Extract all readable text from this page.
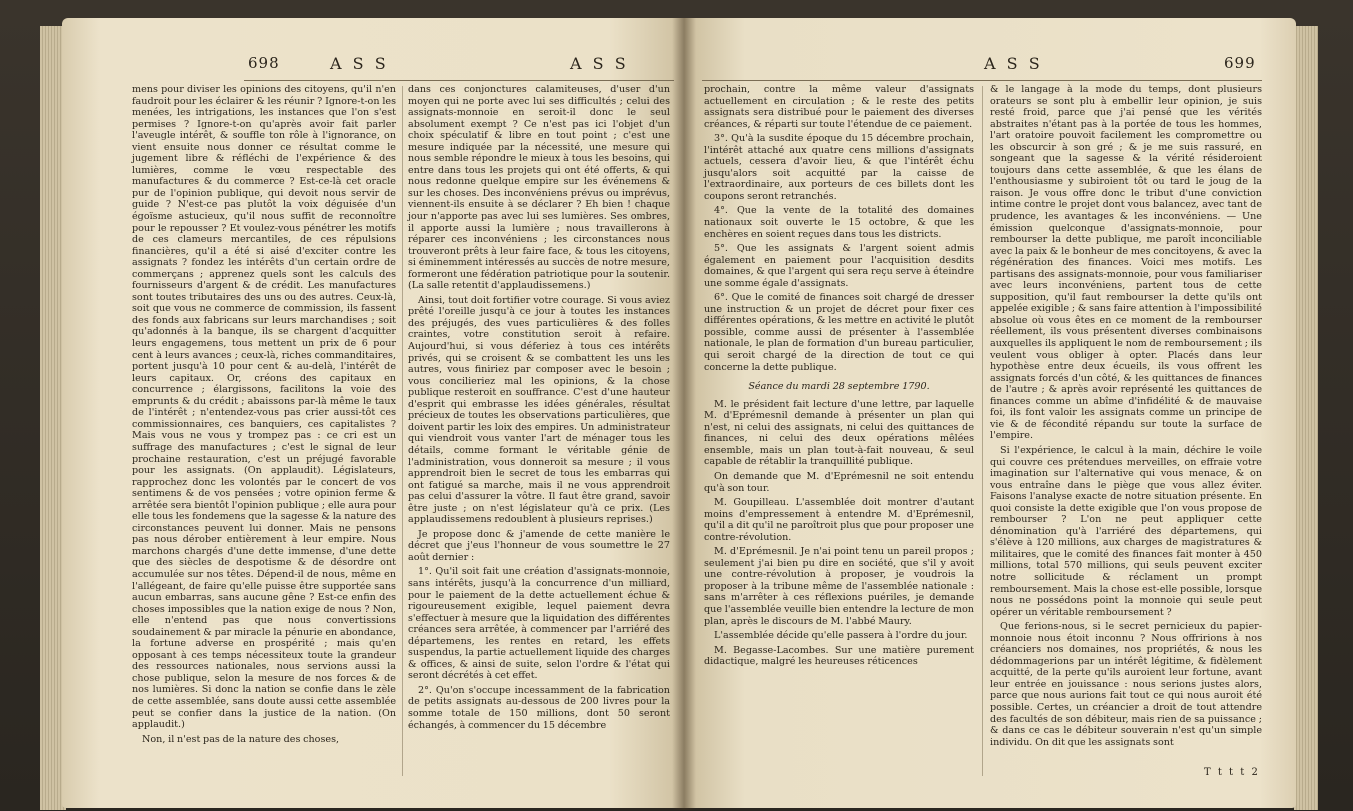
698	A S S	A S S

mens pour diviser les opinions des citoyens, qu'il n'en faudroit pour les éclairer & les réunir ? Ignore-t-on les menées, les intrigations, les instances que l'on s'est permises ? Ignore-t-on qu'après avoir fait parler l'aveugle intérêt, & souffle ton rôle à l'ignorance, on vient ensuite nous donner ce résultat comme le jugement libre & réfléchi de l'expérience & des lumières, comme le vœu respectable des manufactures & du commerce ? Est-ce-là cet oracle pur de l'opinion publique, qui devoit nous servir de guide ? N'est-ce pas plutôt la voix déguisée d'un égoïsme astucieux, qu'il nous suffit de reconnoître pour le repousser ? Et voulez-vous pénétrer les motifs de ces clameurs mercantiles, de ces répulsions financières, qu'il a été si aisé d'exciter contre les assignats ? fondez les intérêts d'un certain ordre de commerçans ; apprenez quels sont les calculs des fournisseurs d'argent & de crédit. Les manufactures sont toutes tributaires des uns ou des autres. Ceux-là, soit que vous ne commerce de commission, ils fassent des fonds aux fabricans sur leurs marchandises ; soit qu'adonnés à la banque, ils se chargent d'acquitter leurs engagemens, tous mettent un prix de 6 pour cent à leurs avances ; ceux-là, riches commanditaires, portent jusqu'à 10 pour cent & au-delà, l'intérêt de leurs capitaux. Or, créons des capitaux en concurrence ; élargissons, facilitons la voie des emprunts & du crédit ; abaissons par-là même le taux de l'intérêt ; n'entendez-vous pas crier aussi-tôt ces commissionnaires, ces banquiers, ces capitalistes ? Mais vous ne vous y trompez pas : ce cri est un suffrage des manufactures ; c'est le signal de leur prochaine restauration, c'est un préjugé favorable pour les assignats. (On applaudit). Législateurs, rapprochez donc les volontés par le concert de vos sentimens & de vos pensées ; votre opinion ferme & arrêtée sera bientôt l'opinion publique ; elle aura pour elle tous les fondemens que la sagesse & la nature des circonstances peuvent lui donner. Mais ne pensons pas nous dérober entièrement à leur empire. Nous marchons chargés d'une dette immense, d'une dette que des siècles de despotisme & de désordre ont accumulée sur nos têtes. Dépend-il de nous, même en l'allégeant, de faire qu'elle puisse être supportée sans aucun embarras, sans aucune gêne ? Est-ce enfin des choses impossibles que la nation exige de nous ? Non, elle n'entend pas que nous convertissions soudainement & par miracle la pénurie en abondance, la fortune adverse en prospérité ; mais qu'en opposant à ces temps nécessiteux toute la grandeur des ressources nationales, nous servions aussi la chose publique, selon la mesure de nos forces & de nos lumières. Si donc la nation se confie dans le zèle de cette assemblée, sans doute aussi cette assemblée peut se confier dans la justice de la nation. (On applaudit.)

Non, il n'est pas de la nature des choses,

dans ces conjonctures calamiteuses, d'user d'un moyen qui ne porte avec lui ses difficultés ; celui des assignats-monnoie en seroit-il donc le seul absolument exempt ? Ce n'est pas ici l'objet d'un choix spéculatif & libre en tout point ; c'est une mesure indiquée par la nécessité, une mesure qui nous semble répondre le mieux à tous les besoins, qui entre dans tous les projets qui ont été offerts, & qui nous redonne quelque empire sur les événemens & sur les choses. Des inconvéniens prévus ou imprévus, viennent-ils ensuite à se déclarer ? Eh bien ! chaque jour n'apporte pas avec lui ses lumières. Ses ombres, il apporte aussi la lumière ; nous travaillerons à réparer ces inconvéniens ; les circonstances nous trouveront prêts à leur faire face, & tous les citoyens, si éminemment intéressés au succès de notre mesure, formeront une fédération patriotique pour la soutenir. (La salle retentit d'applaudissemens.)

Ainsi, tout doit fortifier votre courage. Si vous aviez prêté l'oreille jusqu'à ce jour à toutes les instances des préjugés, des vues particulières & des folles craintes, votre constitution seroit à refaire. Aujourd'hui, si vous déferiez à tous ces intérêts privés, qui se croisent & se combattent les uns les autres, vous finiriez par composer avec le besoin ; vous concilieriez mal les opinions, & la chose publique resteroit en souffrance. C'est d'une hauteur d'esprit qui embrasse les idées générales, résultat précieux de toutes les observations particulières, que doivent partir les loix des empires. Un administrateur qui viendroit vous vanter l'art de ménager tous les détails, comme formant le véritable génie de l'administration, vous donneroit sa mesure ; il vous apprendroit bien le secret de tous les embarras qui ont fatigué sa marche, mais il ne vous apprendroit pas celui d'assurer la vôtre. Il faut être grand, savoir être juste ; on n'est législateur qu'à ce prix. (Les applaudissemens redoublent à plusieurs reprises.)

Je propose donc & j'amende de cette manière le décret que j'eus l'honneur de vous soumettre le 27 août dernier :

1°. Qu'il soit fait une création d'assignats-monnoie, sans intérêts, jusqu'à la concurrence d'un milliard, pour le paiement de la dette actuellement échue & rigoureusement exigible, lequel paiement devra s'effectuer à mesure que la liquidation des différentes créances sera arrêtée, à commencer par l'arriéré des départemens, les rentes en retard, les effets suspendus, la partie actuellement liquide des charges & offices, & ainsi de suite, selon l'ordre & l'état qui seront décrétés à cet effet.

2°. Qu'on s'occupe incessamment de la fabrication de petits assignats au-dessous de 200 livres pour la somme totale de 150 millions, dont 50 seront échangés, à commencer du 15 décembre

A S S	699

prochain, contre la même valeur d'assignats actuellement en circulation ; & le reste des petits assignats sera distribué pour le paiement des diverses créances, & réparti sur toute l'étendue de ce paiement.

3°. Qu'à la susdite époque du 15 décembre prochain, l'intérêt attaché aux quatre cens millions d'assignats actuels, cessera d'avoir lieu, & que l'intérêt échu jusqu'alors soit acquitté par la caisse de l'extraordinaire, aux porteurs de ces billets dont les coupons seront retranchés.

4°. Que la vente de la totalité des domaines nationaux soit ouverte le 15 octobre, & que les enchères en soient reçues dans tous les districts.

5°. Que les assignats & l'argent soient admis également en paiement pour l'acquisition desdits domaines, & que l'argent qui sera reçu serve à éteindre une somme égale d'assignats.

6°. Que le comité de finances soit chargé de dresser une instruction & un projet de décret pour fixer ces différentes opérations, & les mettre en activité le plutôt possible, comme aussi de présenter à l'assemblée nationale, le plan de formation d'un bureau particulier, qui seroit chargé de la direction de tout ce qui concerne la dette publique.

Séance du mardi 28 septembre 1790.

M. le président fait lecture d'une lettre, par laquelle M. d'Eprémesnil demande à présenter un plan qui n'est, ni celui des assignats, ni celui des quittances de finances, ni celui des deux opérations mêlées ensemble, mais un plan tout-à-fait nouveau, & seul capable de rétablir la tranquillité publique.

On demande que M. d'Eprémesnil ne soit entendu qu'à son tour.

M. Goupilleau. L'assemblée doit montrer d'autant moins d'empressement à entendre M. d'Eprémesnil, qu'il a dit qu'il ne paroîtroit plus que pour proposer une contre-révolution.

M. d'Eprémesnil. Je n'ai point tenu un pareil propos ; seulement j'ai bien pu dire en société, que s'il y avoit une contre-révolution à proposer, je voudrois la proposer à la tribune même de l'assemblée nationale : sans m'arrêter à ces réflexions puériles, je demande que l'assemblée veuille bien entendre la lecture de mon plan, après le discours de M. l'abbé Maury.

L'assemblée décide qu'elle passera à l'ordre du jour.

M. Begasse-Lacombes. Sur une matière purement didactique, malgré les heureuses réticences

& le langage à la mode du temps, dont plusieurs orateurs se sont plu à embellir leur opinion, je suis resté froid, parce que j'ai pensé que les vérités abstraites n'étant pas à la portée de tous les hommes, l'art oratoire pouvoit facilement les compromettre ou les obscurcir à son gré ; & je me suis rassuré, en songeant que la sagesse & la vérité résideroient toujours dans cette assemblée, & que les élans de l'enthousiasme y subiroient tôt ou tard le joug de la raison. Je vous offre donc le tribut d'une conviction intime contre le projet dont vous balancez, avec tant de prudence, les avantages & les inconvéniens. — Une émission quelconque d'assignats-monnoie, pour rembourser la dette publique, me paroît inconciliable avec la paix & le bonheur de mes concitoyens, & avec la régénération des finances. Voici mes motifs. Les partisans des assignats-monnoie, pour vous familiariser avec leurs inconvéniens, partent tous de cette supposition, qu'il faut rembourser la dette qu'ils ont appelée exigible ; & sans faire attention à l'impossibilité absolue où vous êtes en ce moment de la rembourser réellement, ils vous présentent diverses combinaisons auxquelles ils appliquent le nom de remboursement ; ils veulent vous obliger à opter. Placés dans leur hypothèse entre deux écueils, ils vous offrent les assignats forcés d'un côté, & les quittances de finances de l'autre ; & après avoir représenté les quittances de finances comme un abîme d'infidélité & de mauvaise foi, ils font valoir les assignats comme un principe de vie & de fécondité répandu sur toute la surface de l'empire.

Si l'expérience, le calcul à la main, déchire le voile qui couvre ces prétendues merveilles, on effraie votre imagination sur l'alternative qui vous menace, & on vous entraîne dans le piège que vous allez éviter. Faisons l'analyse exacte de notre situation présente. En quoi consiste la dette exigible que l'on vous propose de rembourser ? L'on ne peut appliquer cette dénomination qu'à l'arriéré des départemens, qui s'élève à 120 millions, aux charges de magistratures & militaires, que le comité des finances fait monter à 450 millions, total 570 millions, qui seuls peuvent exciter notre sollicitude & réclament un prompt remboursement. Mais la chose est-elle possible, lorsque nous ne possédons point la monnoie qui seule peut opérer un véritable remboursement ?

Que ferions-nous, si le secret pernicieux du papier-monnoie nous étoit inconnu ? Nous offririons à nos créanciers nos domaines, nos propriétés, & nous les dédommagerions par un intérêt légitime, & fidèlement acquitté, de la perte qu'ils auroient leur fortune, avant leur entrée en jouissance : nous serions justes alors, parce que nous aurions fait tout ce qui nous auroit été possible. Certes, un créancier a droit de tout attendre des facultés de son débiteur, mais rien de sa puissance ; & dans ce cas le débiteur souverain n'est qu'un simple individu. On dit que les assignats sont

T t t t 2
